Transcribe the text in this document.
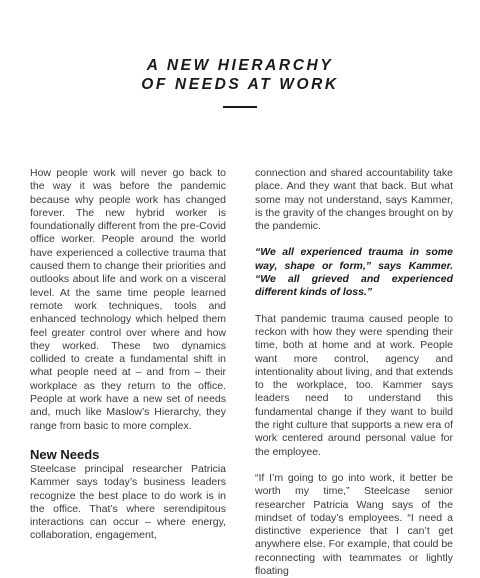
A NEW HIERARCHY
OF NEEDS AT WORK

How people work will never go back to the way it was before the pandemic because why people work has changed forever. The new hybrid worker is foundationally different from the pre-Covid office worker. People around the world have experienced a collective trauma that caused them to change their priorities and outlooks about life and work on a visceral level. At the same time people learned remote work techniques, tools and enhanced technology which helped them feel greater control over where and how they worked. These two dynamics collided to create a fundamental shift in what people need at – and from – their workplace as they return to the office. People at work have a new set of needs and, much like Maslow’s Hierarchy, they range from basic to more complex.

New Needs

Steelcase principal researcher Patricia Kammer says today’s business leaders recognize the best place to do work is in the office. That’s where serendipitous interactions can occur – where energy, collaboration, engagement,

connection and shared accountability take place. And they want that back. But what some may not understand, says Kammer, is the gravity of the changes brought on by the pandemic.

“We all experienced trauma in some way, shape or form,” says Kammer. “We all grieved and experienced different kinds of loss.”

That pandemic trauma caused people to reckon with how they were spending their time, both at home and at work. People want more control, agency and intentionality about living, and that extends to the workplace, too. Kammer says leaders need to understand this fundamental change if they want to build the right culture that supports a new era of work centered around personal value for the employee.

“If I’m going to go into work, it better be worth my time,” Steelcase senior researcher Patricia Wang says of the mindset of today’s employees. “I need a distinctive experience that I can’t get anywhere else. For example, that could be reconnecting with teammates or lightly floating
